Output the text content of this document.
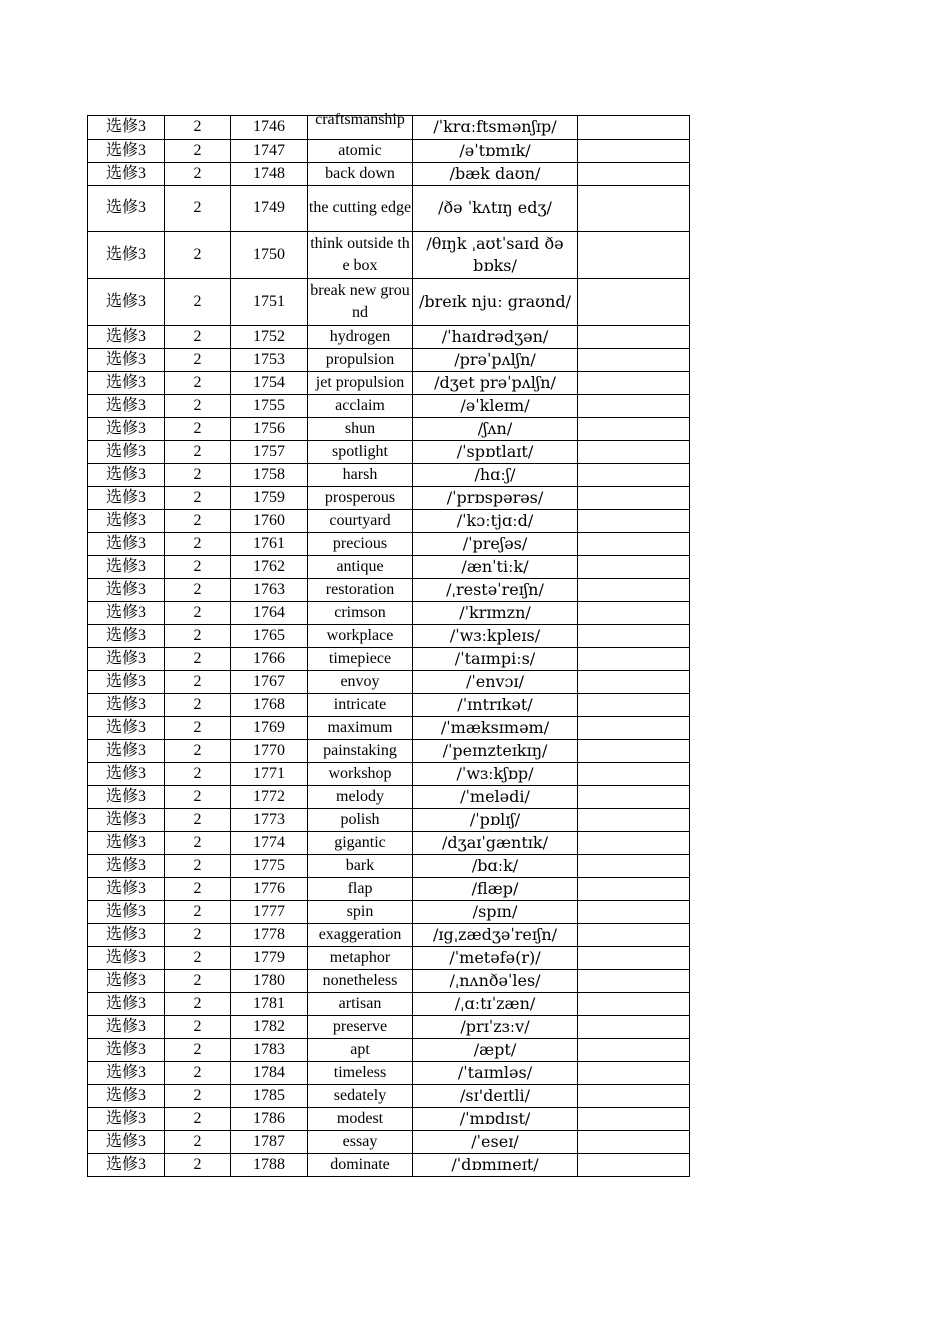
选修3	2	1746	craftsmanship	/ˈkrɑːftsmənʃɪp/	
选修3	2	1747	atomic	/əˈtɒmɪk/	
选修3	2	1748	back down	/bæk daʊn/	
选修3	2	1749	the cutting edge	/ðə ˈkʌtɪŋ edʒ/	
选修3	2	1750	think outside the box	/θɪŋk ˌaʊtˈsaɪd ðə bɒks/	
选修3	2	1751	break new ground	/breɪk njuː graʊnd/	
选修3	2	1752	hydrogen	/ˈhaɪdrədʒən/	
选修3	2	1753	propulsion	/prəˈpʌlʃn/	
选修3	2	1754	jet propulsion	/dʒet prəˈpʌlʃn/	
选修3	2	1755	acclaim	/əˈkleɪm/	
选修3	2	1756	shun	/ʃʌn/	
选修3	2	1757	spotlight	/ˈspɒtlaɪt/	
选修3	2	1758	harsh	/hɑːʃ/	
选修3	2	1759	prosperous	/ˈprɒspərəs/	
选修3	2	1760	courtyard	/ˈkɔːtjɑːd/	
选修3	2	1761	precious	/ˈpreʃəs/	
选修3	2	1762	antique	/ænˈtiːk/	
选修3	2	1763	restoration	/ˌrestəˈreɪʃn/	
选修3	2	1764	crimson	/ˈkrɪmzn/	
选修3	2	1765	workplace	/ˈwɜːkpleɪs/	
选修3	2	1766	timepiece	/ˈtaɪmpiːs/	
选修3	2	1767	envoy	/ˈenvɔɪ/	
选修3	2	1768	intricate	/ˈɪntrɪkət/	
选修3	2	1769	maximum	/ˈmæksɪməm/	
选修3	2	1770	painstaking	/ˈpeɪnzteɪkɪŋ/	
选修3	2	1771	workshop	/ˈwɜːkʃɒp/	
选修3	2	1772	melody	/ˈmelədi/	
选修3	2	1773	polish	/ˈpɒlɪʃ/	
选修3	2	1774	gigantic	/dʒaɪˈgæntɪk/	
选修3	2	1775	bark	/bɑːk/	
选修3	2	1776	flap	/flæp/	
选修3	2	1777	spin	/spɪn/	
选修3	2	1778	exaggeration	/ɪgˌzædʒəˈreɪʃn/	
选修3	2	1779	metaphor	/ˈmetəfə(r)/	
选修3	2	1780	nonetheless	/ˌnʌnðəˈles/	
选修3	2	1781	artisan	/ˌɑːtɪˈzæn/	
选修3	2	1782	preserve	/prɪˈzɜːv/	
选修3	2	1783	apt	/æpt/	
选修3	2	1784	timeless	/ˈtaɪmləs/	
选修3	2	1785	sedately	/sɪ'deɪtli/	
选修3	2	1786	modest	/ˈmɒdɪst/	
选修3	2	1787	essay	/ˈeseɪ/	
选修3	2	1788	dominate	/ˈdɒmɪneɪt/	
